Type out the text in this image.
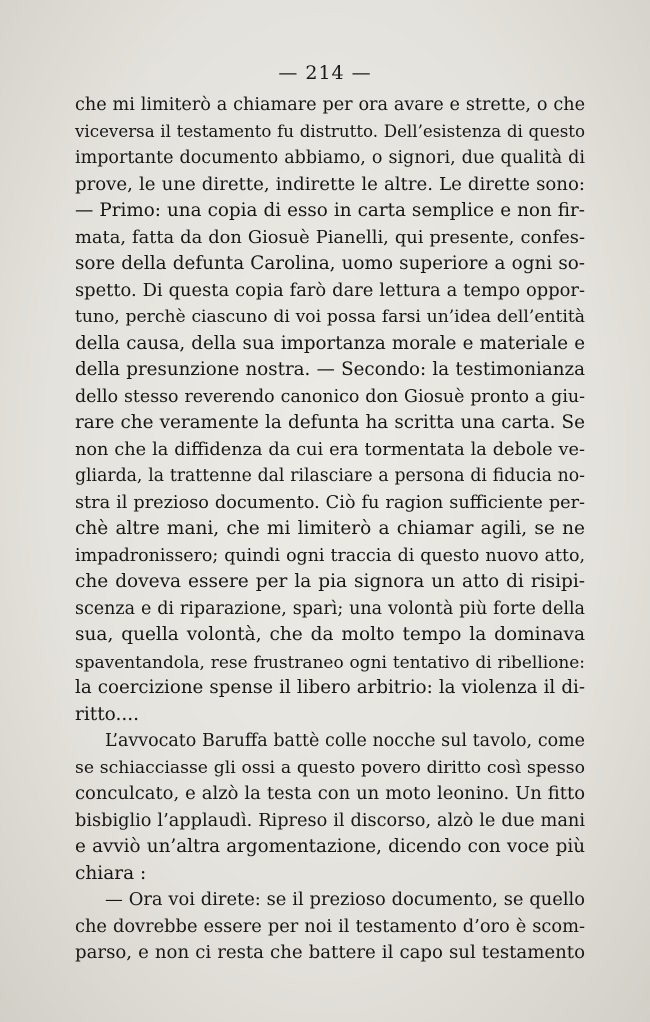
— 214 —
che mi limiterò a chiamare per ora avare e strette, o che
viceversa il testamento fu distrutto. Dell’esistenza di questo
importante documento abbiamo, o signori, due qualità di
prove, le une dirette, indirette le altre. Le dirette sono:
— Primo: una copia di esso in carta semplice e non fir-
mata, fatta da don Giosuè Pianelli, qui presente, confes-
sore della defunta Carolina, uomo superiore a ogni so-
spetto. Di questa copia farò dare lettura a tempo oppor-
tuno, perchè ciascuno di voi possa farsi un’idea dell’entità
della causa, della sua importanza morale e materiale e
della presunzione nostra. — Secondo: la testimonianza
dello stesso reverendo canonico don Giosuè pronto a giu-
rare che veramente la defunta ha scritta una carta. Se
non che la diffidenza da cui era tormentata la debole ve-
gliarda, la trattenne dal rilasciare a persona di fiducia no-
stra il prezioso documento. Ciò fu ragion sufficiente per-
chè altre mani, che mi limiterò a chiamar agili, se ne
impadronissero; quindi ogni traccia di questo nuovo atto,
che doveva essere per la pia signora un atto di risipi-
scenza e di riparazione, sparì; una volontà più forte della
sua, quella volontà, che da molto tempo la dominava
spaventandola, rese frustraneo ogni tentativo di ribellione:
la coercizione spense il libero arbitrio: la violenza il di-
ritto....
L’avvocato Baruffa battè colle nocche sul tavolo, come
se schiacciasse gli ossi a questo povero diritto così spesso
conculcato, e alzò la testa con un moto leonino. Un fitto
bisbiglio l’applaudì. Ripreso il discorso, alzò le due mani
e avviò un’altra argomentazione, dicendo con voce più
chiara :
— Ora voi direte: se il prezioso documento, se quello
che dovrebbe essere per noi il testamento d’oro è scom-
parso, e non ci resta che battere il capo sul testamento
